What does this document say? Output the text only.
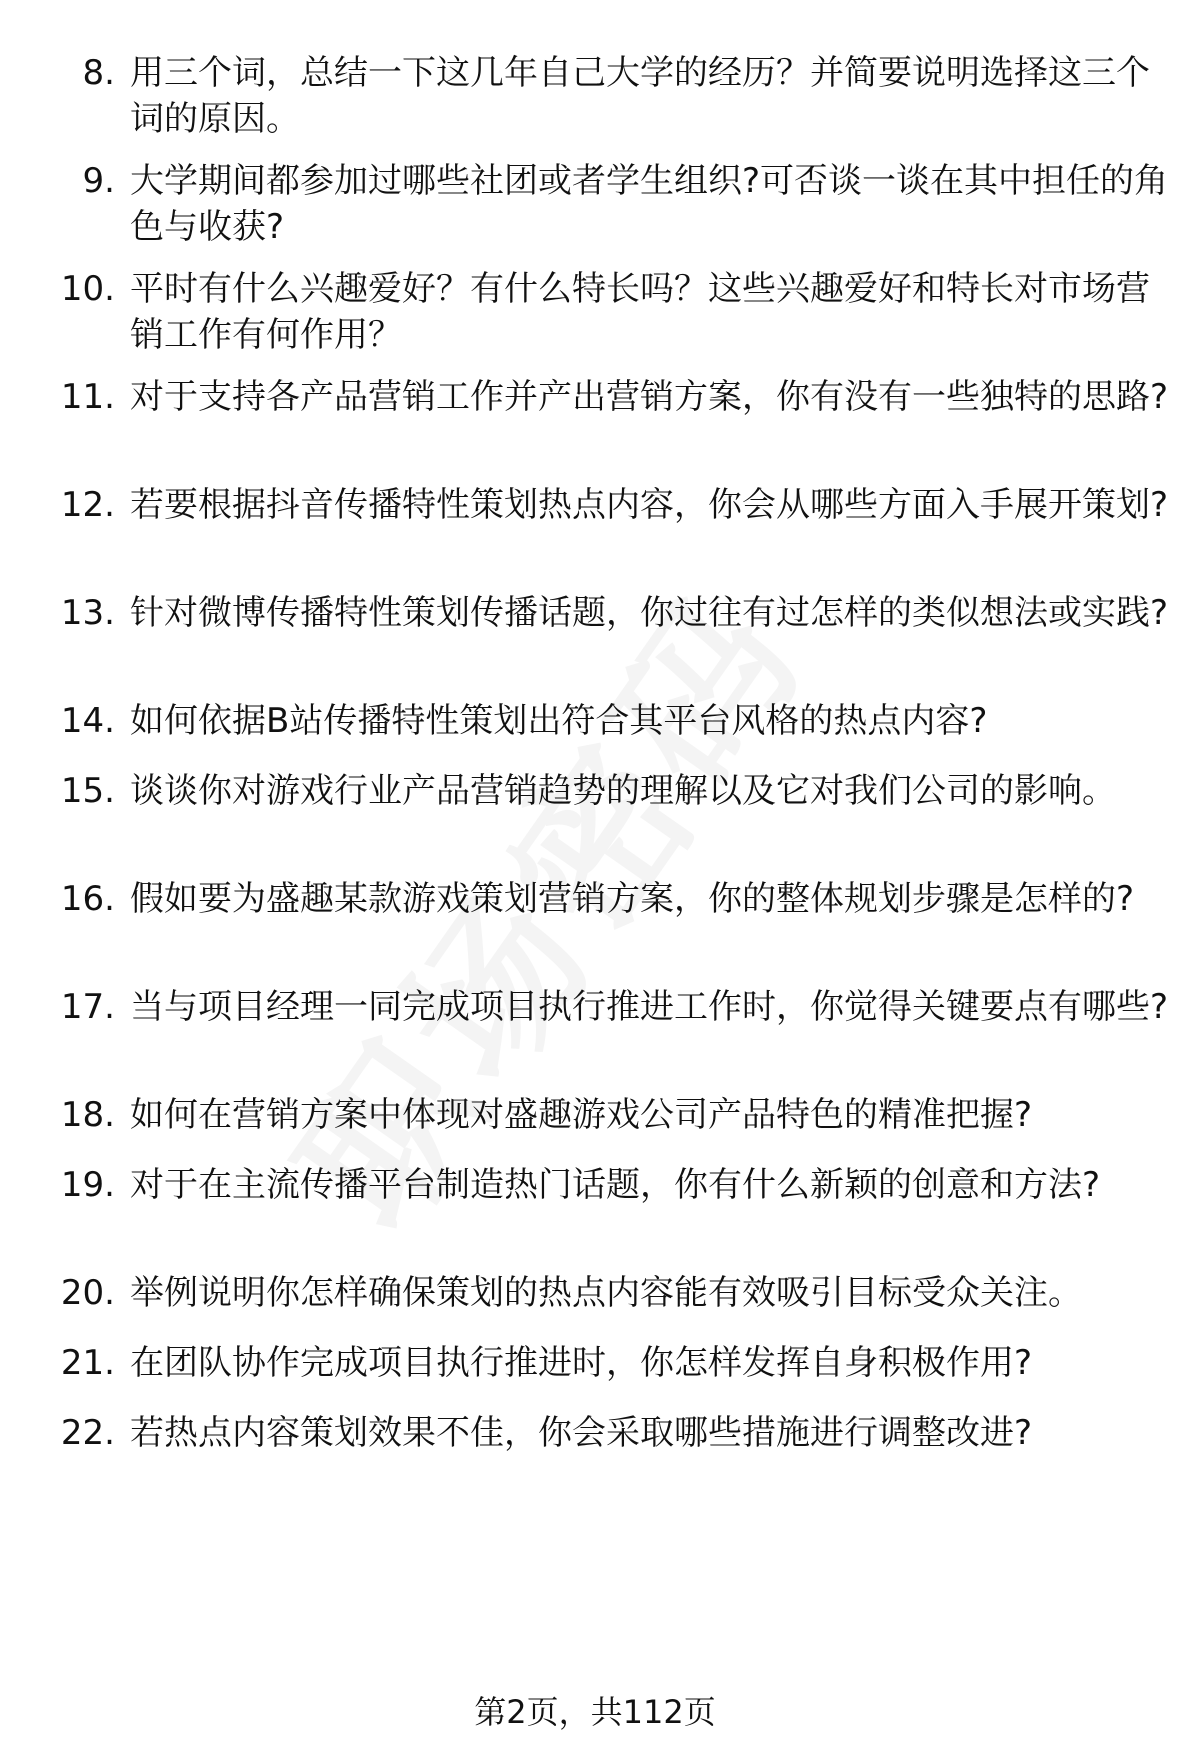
8. 用三个词，总结一下这几年自己大学的经历？并简要说明选择这三个词的原因。
9. 大学期间都参加过哪些社团或者学生组织?可否谈一谈在其中担任的角色与收获?
10. 平时有什么兴趣爱好？有什么特长吗？这些兴趣爱好和特长对市场营销工作有何作用？
11. 对于支持各产品营销工作并产出营销方案，你有没有一些独特的思路?
12. 若要根据抖音传播特性策划热点内容，你会从哪些方面入手展开策划?
13. 针对微博传播特性策划传播话题，你过往有过怎样的类似想法或实践?
14. 如何依据B站传播特性策划出符合其平台风格的热点内容?
15. 谈谈你对游戏行业产品营销趋势的理解以及它对我们公司的影响。
16. 假如要为盛趣某款游戏策划营销方案，你的整体规划步骤是怎样的?
17. 当与项目经理一同完成项目执行推进工作时，你觉得关键要点有哪些?
18. 如何在营销方案中体现对盛趣游戏公司产品特色的精准把握?
19. 对于在主流传播平台制造热门话题，你有什么新颖的创意和方法?
20. 举例说明你怎样确保策划的热点内容能有效吸引目标受众关注。
21. 在团队协作完成项目执行推进时，你怎样发挥自身积极作用?
22. 若热点内容策划效果不佳，你会采取哪些措施进行调整改进?
第2页，共112页
